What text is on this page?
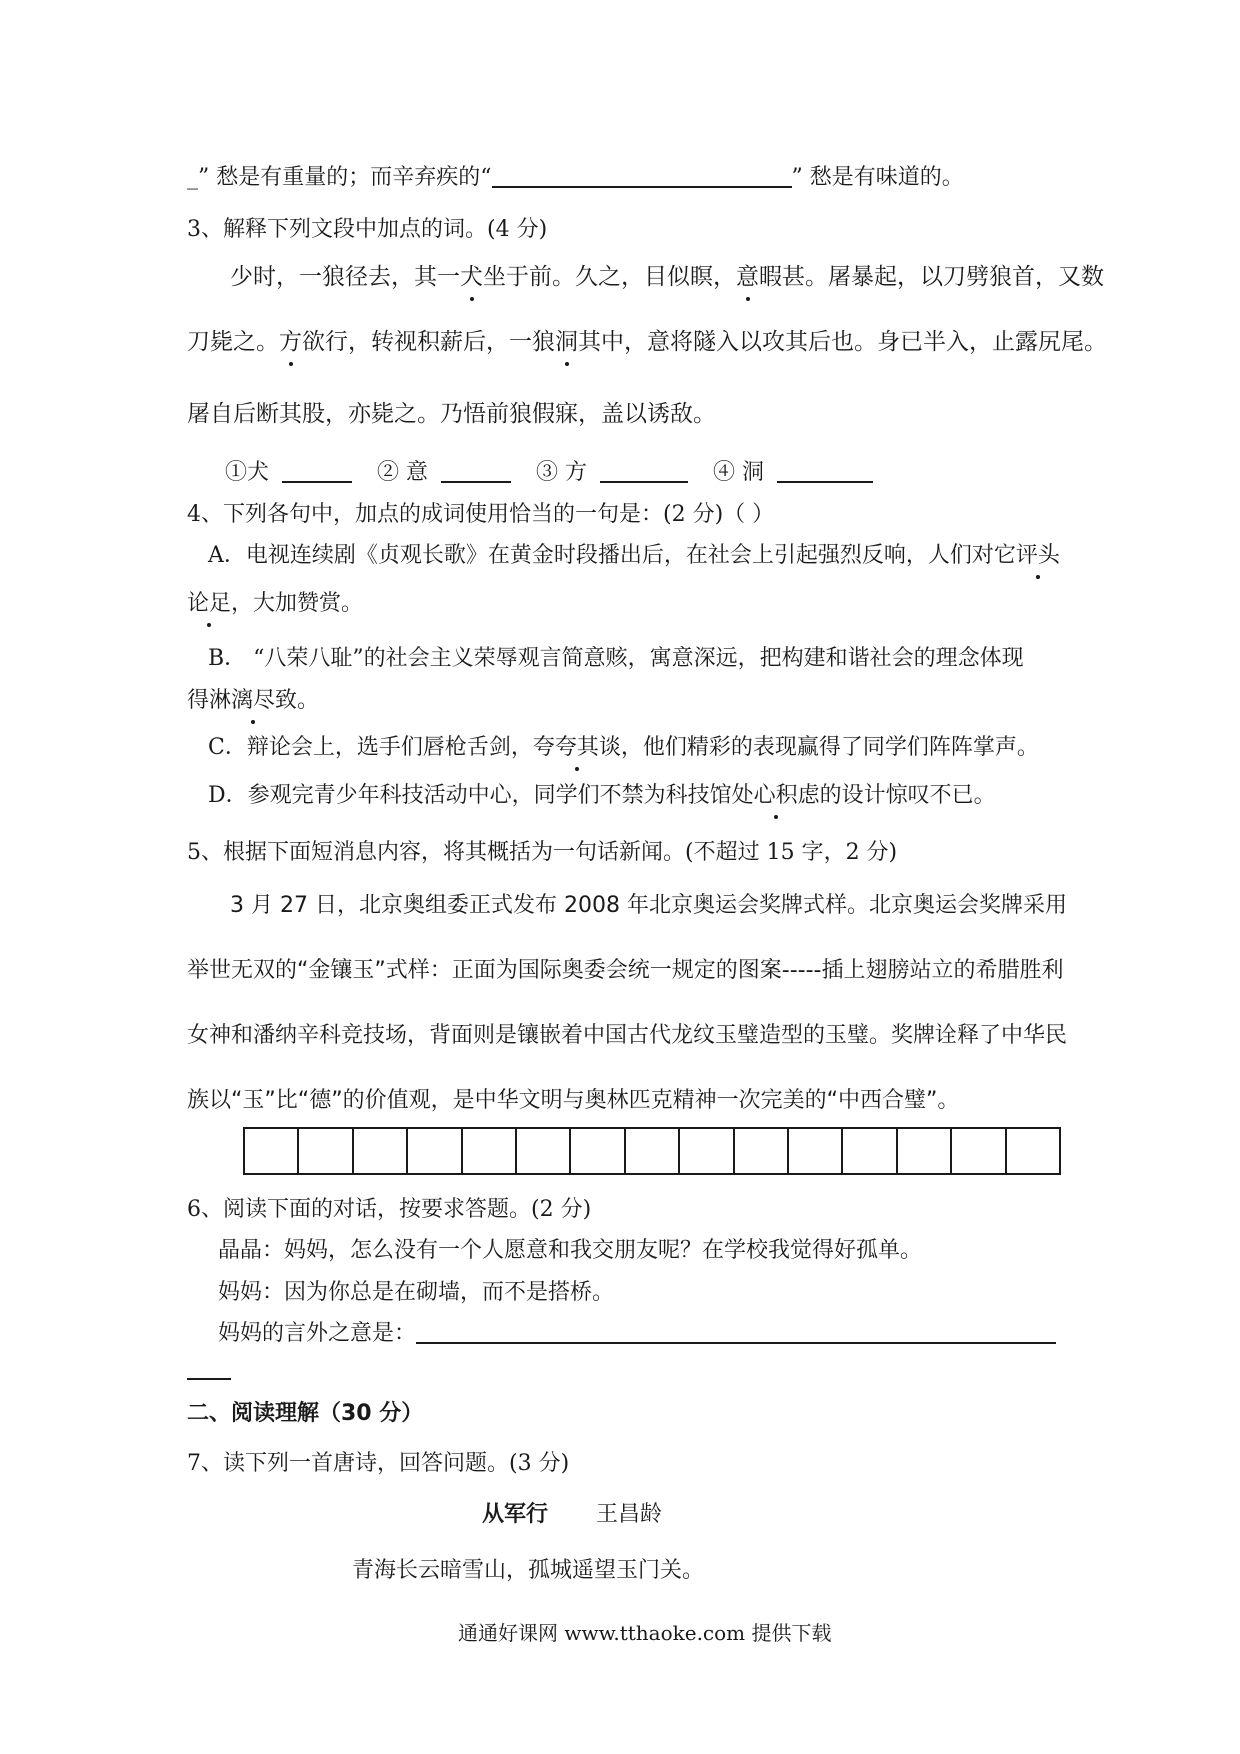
_” 愁是有重量的；而辛弃疾的“	” 愁是有味道的。
3、解释下列文段中加点的词。(4 分)
少时，一狼径去，其一犬坐于前。久之，目似瞑，意暇甚。屠暴起，以刀劈狼首，又数
刀毙之。方欲行，转视积薪后，一狼洞其中，意将隧入以攻其后也。身已半入，止露尻尾。
屠自后断其股，亦毙之。乃悟前狼假寐，盖以诱敌。
①犬	② 意	③ 方	④ 洞
4、下列各句中，加点的成词使用恰当的一句是：(2 分)（ ）
A．电视连续剧《贞观长歌》在黄金时段播出后，在社会上引起强烈反响，人们对它评头
论足，大加赞赏。
B． “八荣八耻”的社会主义荣辱观言简意赅，寓意深远，把构建和谐社会的理念体现
得淋漓尽致。
C．辩论会上，选手们唇枪舌剑，夸夸其谈，他们精彩的表现赢得了同学们阵阵掌声。
D．参观完青少年科技活动中心，同学们不禁为科技馆处心积虑的设计惊叹不已。
5、根据下面短消息内容，将其概括为一句话新闻。(不超过 15 字，2 分)
3 月 27 日，北京奥组委正式发布 2008 年北京奥运会奖牌式样。北京奥运会奖牌采用
举世无双的“金镶玉”式样：正面为国际奥委会统一规定的图案-----插上翅膀站立的希腊胜利
女神和潘纳辛科竞技场，背面则是镶嵌着中国古代龙纹玉璧造型的玉璧。奖牌诠释了中华民
族以“玉”比“德”的价值观，是中华文明与奥林匹克精神一次完美的“中西合璧”。
6、阅读下面的对话，按要求答题。(2 分)
晶晶：妈妈，怎么没有一个人愿意和我交朋友呢？在学校我觉得好孤单。
妈妈：因为你总是在砌墙，而不是搭桥。
妈妈的言外之意是：
二、阅读理解（30 分）
7、读下列一首唐诗，回答问题。(3 分)
从军行 王昌龄
青海长云暗雪山，孤城遥望玉门关。
通通好课网 www.tthaoke.com 提供下载
